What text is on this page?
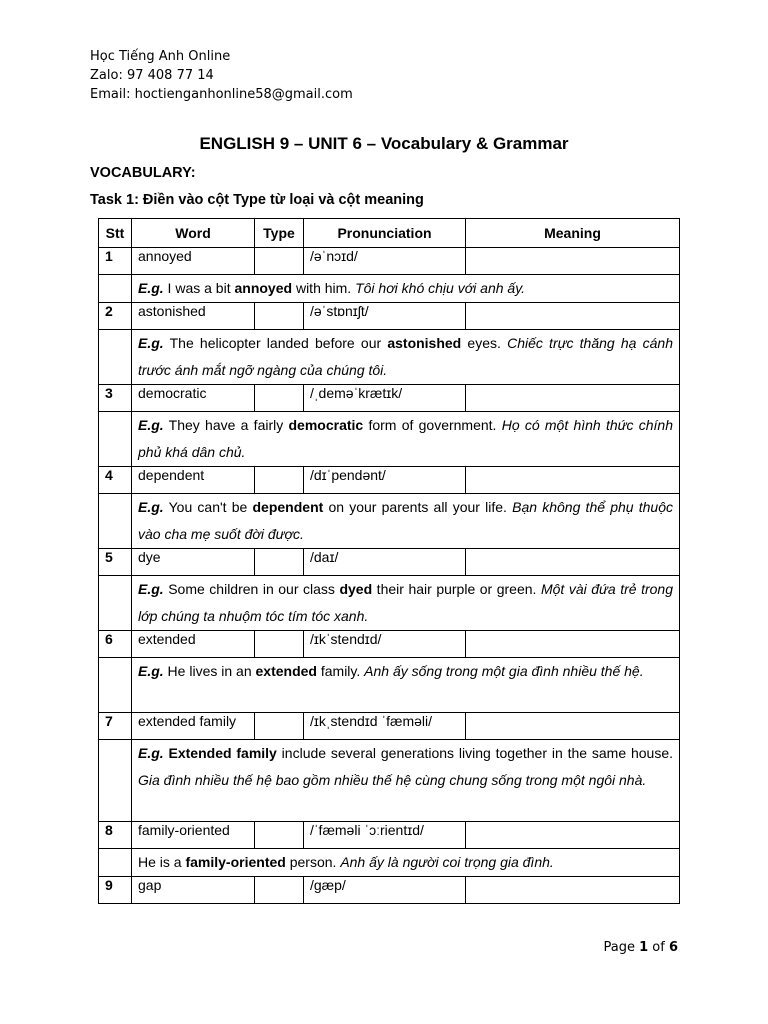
Học Tiếng Anh Online
Zalo: 97 408 77 14
Email: hoctienganhonline58@gmail.com
ENGLISH 9 – UNIT 6 – Vocabulary & Grammar
VOCABULARY:
Task 1: Điền vào cột Type từ loại và cột meaning
Stt	Word	Type	Pronunciation	Meaning
1	annoyed		/əˈnɔɪd/	
	E.g. I was a bit annoyed with him. Tôi hơi khó chịu với anh ấy.			
2	astonished		/əˈstɒnɪʃt/	
	E.g. The helicopter landed before our astonished eyes. Chiếc trực thăng hạ cánh trước ánh mắt ngỡ ngàng của chúng tôi.			
3	democratic		/ˌdeməˈkrætɪk/	
	E.g. They have a fairly democratic form of government. Họ có một hình thức chính phủ khá dân chủ.			
4	dependent		/dɪˈpendənt/	
	E.g. You can't be dependent on your parents all your life. Bạn không thể phụ thuộc vào cha mẹ suốt đời được.			
5	dye		/daɪ/	
	E.g. Some children in our class dyed their hair purple or green. Một vài đứa trẻ trong lớp chúng ta nhuộm tóc tím tóc xanh.			
6	extended		/ɪkˈstendɪd/	
	E.g. He lives in an extended family. Anh ấy sống trong một gia đình nhiều thế hệ.			
7	extended family		/ɪkˌstendɪd ˈfæməli/	
	E.g. Extended family include several generations living together in the same house. Gia đình nhiều thế hệ bao gồm nhiều thế hệ cùng chung sống trong một ngôi nhà.			
8	family-oriented		/ˈfæməli ˈɔːrientɪd/	
	He is a family-oriented person. Anh ấy là người coi trọng gia đình.			
9	gap		/gæp/	
Page 1 of 6
